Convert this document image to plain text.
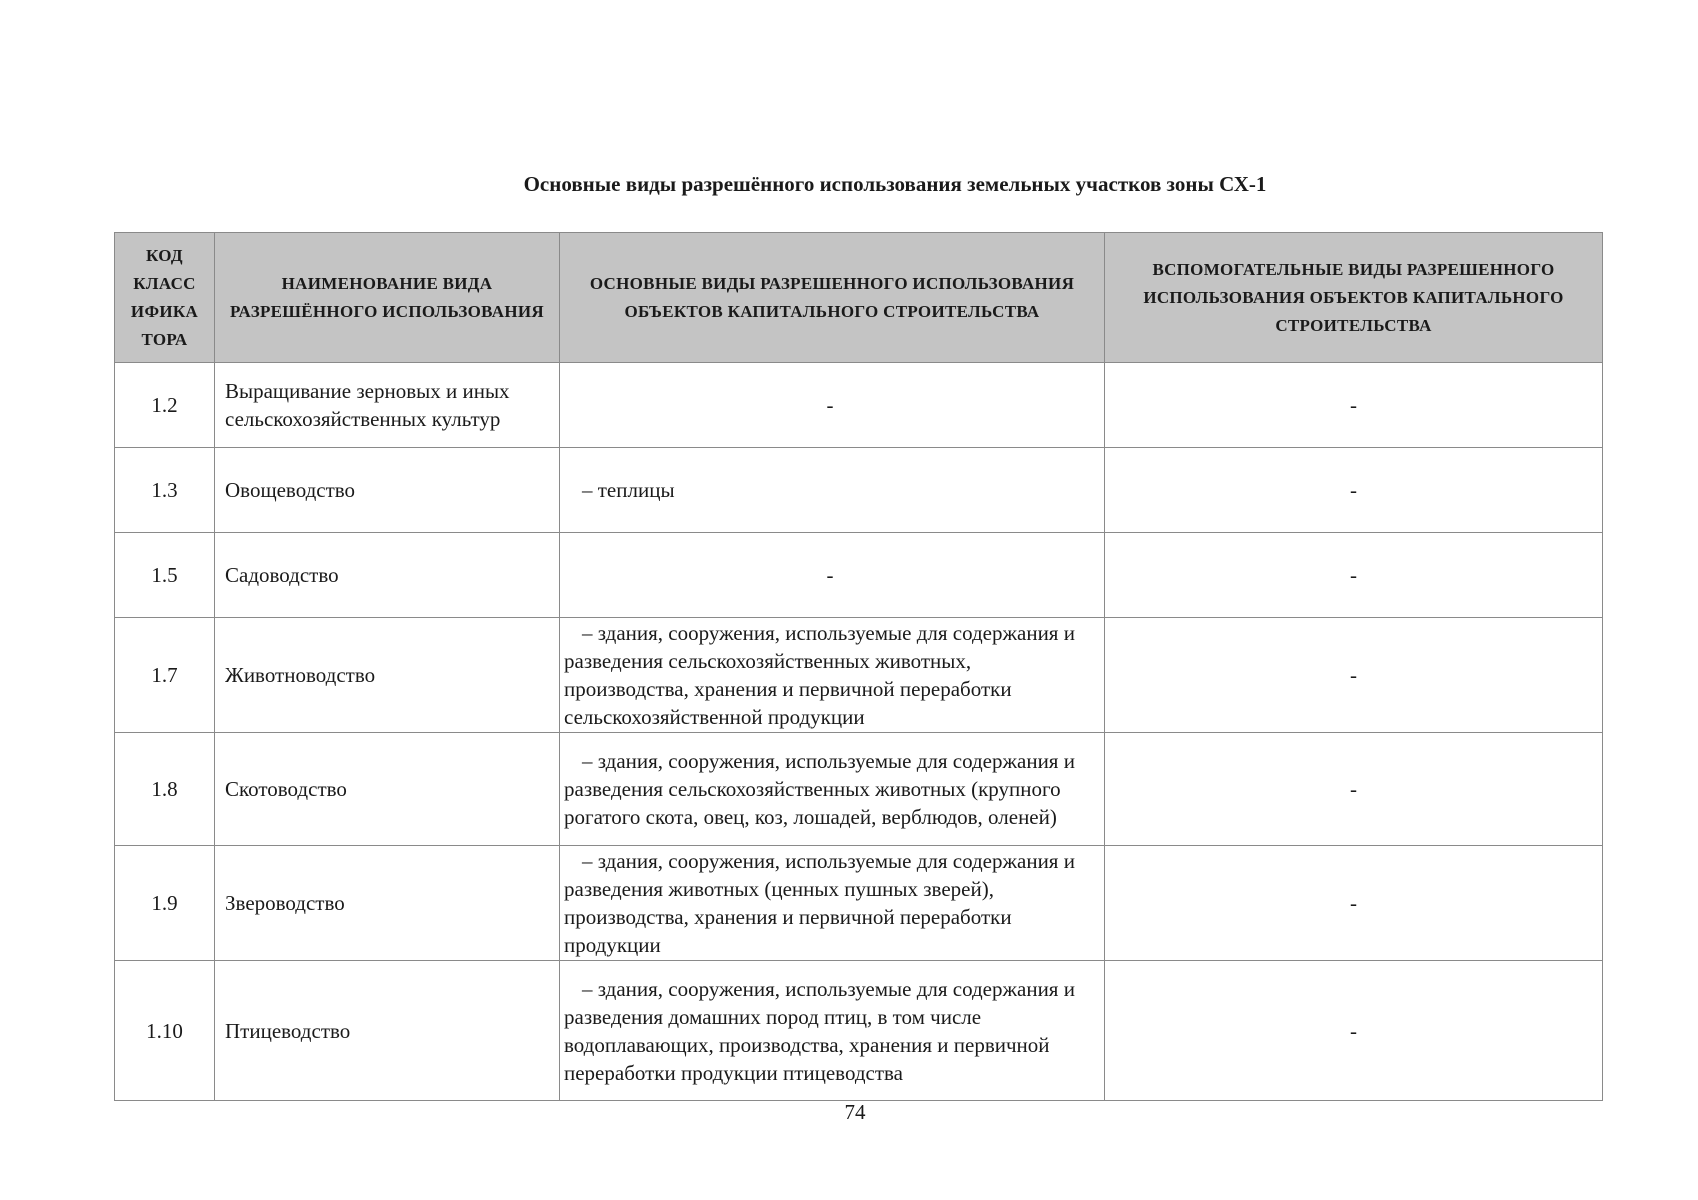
Основные виды разрешённого использования земельных участков зоны СХ-1
КОД КЛАСС ИФИКА ТОРА	НАИМЕНОВАНИЕ ВИДА РАЗРЕШЁННОГО ИСПОЛЬЗОВАНИЯ	ОСНОВНЫЕ ВИДЫ РАЗРЕШЕННОГО ИСПОЛЬЗОВАНИЯ ОБЪЕКТОВ КАПИТАЛЬНОГО СТРОИТЕЛЬСТВА	ВСПОМОГАТЕЛЬНЫЕ ВИДЫ РАЗРЕШЕННОГО ИСПОЛЬЗОВАНИЯ ОБЪЕКТОВ КАПИТАЛЬНОГО СТРОИТЕЛЬСТВА
1.2	Выращивание зерновых и иных сельскохозяйственных культур	-	-
1.3	Овощеводство	– теплицы	-
1.5	Садоводство	-	-
1.7	Животноводство	– здания, сооружения, используемые для содержания и разведения сельскохозяйственных животных, производства, хранения и первичной переработки сельскохозяйственной продукции	-
1.8	Скотоводство	– здания, сооружения, используемые для содержания и разведения сельскохозяйственных животных (крупного рогатого скота, овец, коз, лошадей, верблюдов, оленей)	-
1.9	Звероводство	– здания, сооружения, используемые для содержания и разведения животных (ценных пушных зверей), производства, хранения и первичной переработки продукции	-
1.10	Птицеводство	– здания, сооружения, используемые для содержания и разведения домашних пород птиц, в том числе водоплавающих, производства, хранения и первичной переработки продукции птицеводства	-
74
